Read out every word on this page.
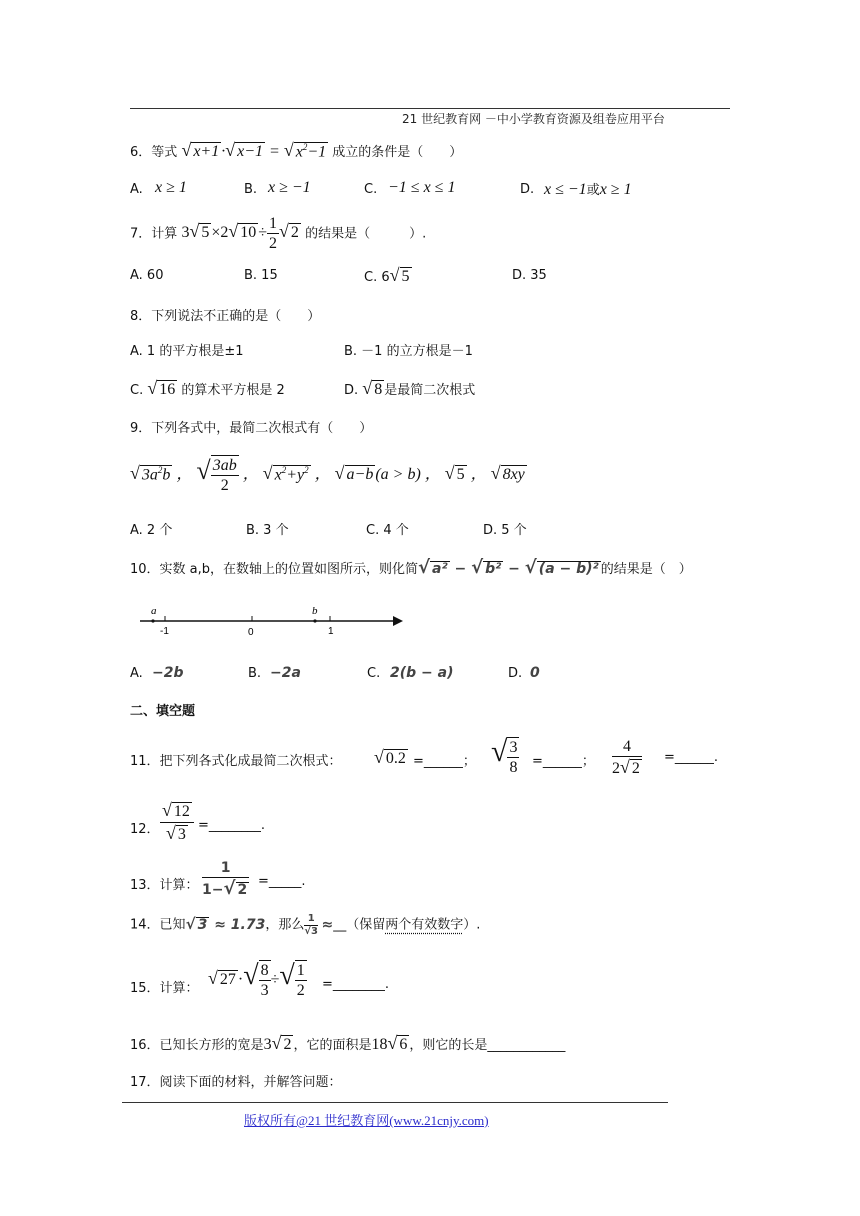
21 世纪教育网 －中小学教育资源及组卷应用平台
6．等式 √ x+1 ·√ x−1 = √ $x^2-1$ 成立的条件是（　　）
A. x ≥ 1	B. x ≥ −1	C. −1 ≤ x ≤ 1	D. x ≤ −1或x ≥ 1
7．计算 3√ 5 ×2√ $10 \div \frac{1}{2}$ √ 2 的结果是（　　　）.
A. 60	B. 15	C. 6√ 5	D. 35
8．下列说法不正确的是（　　）
A. 1 的平方根是±1	B. －1 的立方根是－1
C. √ 16 的算术平方根是 2	D. √ 8 是最简二次根式
9．下列各式中，最简二次根式有（　　）
√ $3a^2b$ ， √ $\frac{3ab}{2}$ ， √ $x^2+y^2$ ， √ a−b (a > b) ， √ 5 ， √ 8xy
A. 2 个	B. 3 个	C. 4 个	D. 5 个
10．实数 a,b，在数轴上的位置如图所示，则化简√ a² − √ b² − √ (a − b)² 的结果是（　）
a	b
-1	0	1
A. −2b	B. −2a	C. 2(b − a)	D. 0
二、填空题
11．把下列各式化成最简二次根式： √ 0.2 =______； √ $\frac{3}{8}$ =______； $\frac{4}{2√ 2}$ =______.
12． $\frac{√ 12}{√ 3}$ =________.
13．计算： $\frac{1}{1-√ 2}$ =_____.
14．已知√ 3 ≈ 1.73，那么 $\frac{1}{√3}$ ≈__（保留两个有效数字）.
15．计算：
√ 27 ·√ $\frac{8}{3}$ ÷√ $\frac{1}{2}$ =________.
16．已知长方形的宽是3√ 2 ，它的面积是18√ 6 ，则它的长是____________
17．阅读下面的材料，并解答问题：
版权所有@21 世纪教育网(www.21cnjy.com)
